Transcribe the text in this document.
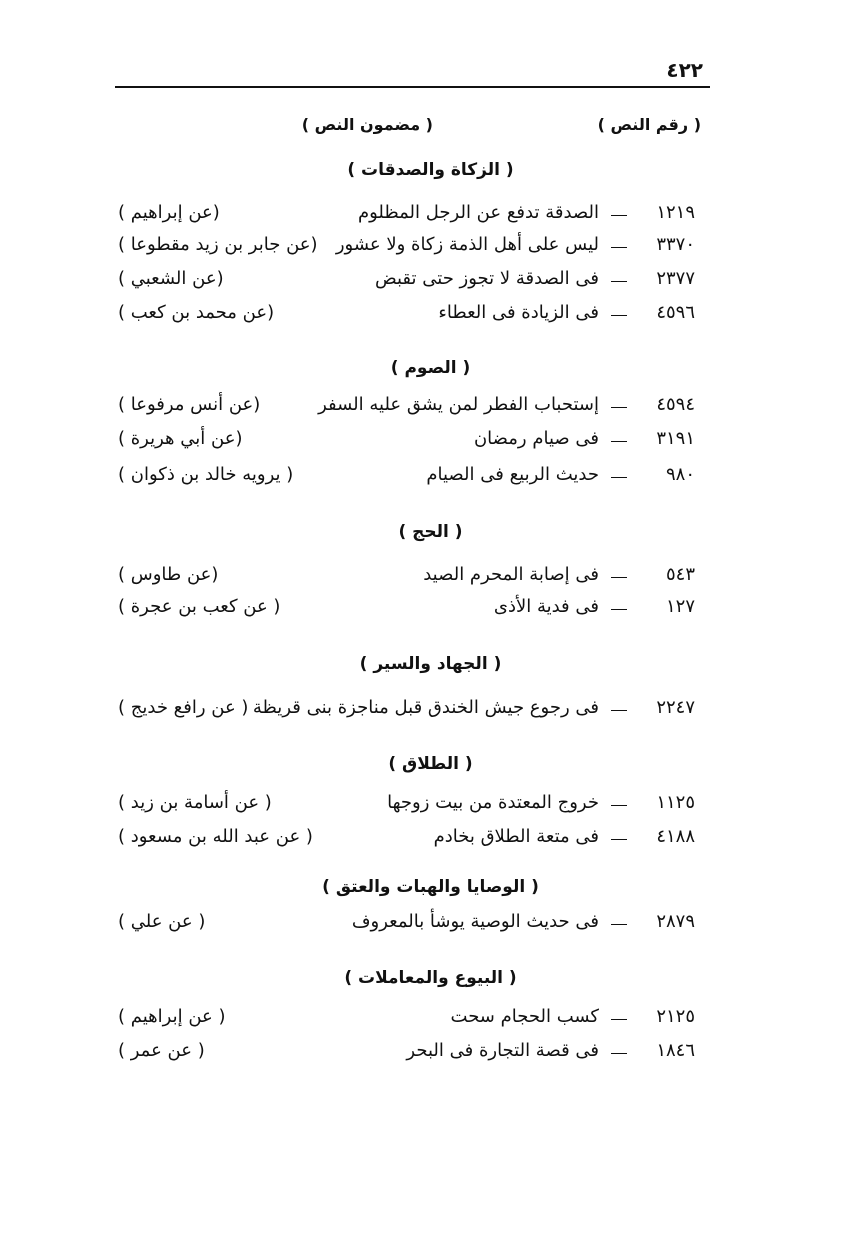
٤٢٢
( رقم النص )
( مضمون النص )
( الزكاة والصدقات )
١٢١٩
الصدقة تدفع عن الرجل المظلوم
(عن إبراهيم )
٣٣٧٠
ليس على أهل الذمة زكاة ولا عشور
(عن جابر بن زيد مقطوعا )
٢٣٧٧
فى الصدقة لا تجوز حتى تقبض
(عن الشعبي )
٤٥٩٦
فى الزيادة فى العطاء
(عن محمد بن كعب )
( الصوم )
٤٥٩٤
إستحباب الفطر لمن يشق عليه السفر
(عن أنس مرفوعا )
٣١٩١
فى صيام رمضان
(عن أبي هريرة )
٩٨٠
حديث الربيع فى الصيام
( يرويه خالد بن ذكوان )
( الحج )
٥٤٣
فى إصابة المحرم الصيد
(عن طاوس )
١٢٧
فى فدية الأذى
( عن كعب بن عجرة )
( الجهاد والسير )
٢٢٤٧
فى رجوع جيش الخندق قبل مناجزة بنى قريظة
( عن رافع خديج )
( الطلاق )
١١٢٥
خروج المعتدة من بيت زوجها
( عن أسامة بن زيد )
٤١٨٨
فى متعة الطلاق بخادم
( عن عبد الله بن مسعود )
( الوصايا والهبات والعتق )
٢٨٧٩
فى حديث الوصية يوشأ بالمعروف
( عن علي )
( البيوع والمعاملات )
٢١٢٥
كسب الحجام سحت
( عن إبراهيم )
١٨٤٦
فى قصة التجارة فى البحر
( عن عمر )
